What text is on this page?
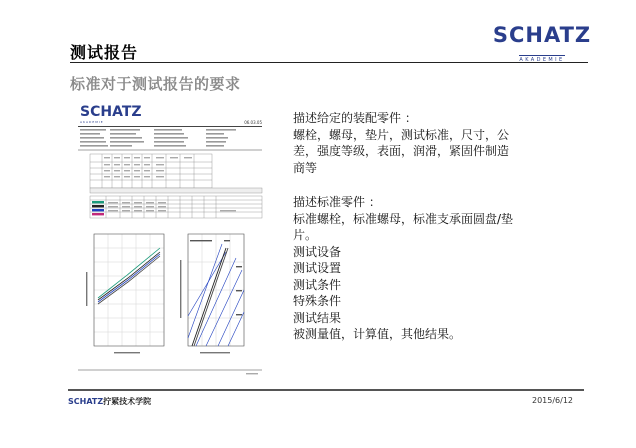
测试报告
标准对于测试报告的要求
SCHATZ
AKADEMIE
SCHATZ
AKADEMIE	06.03.05	描述给定的装配零件 ：
螺栓，螺母，垫片，测试标准，尺寸，公
差，强度等级，表面，润滑，紧固件制造
商等
描述标准零件 ：
标准螺栓，标准螺母，标准支承面圆盘/垫
片。
测试设备
测试设置
测试条件
特殊条件
测试结果
被测量值，计算值，其他结果。
SCHATZ拧紧技术学院	2015/6/12
